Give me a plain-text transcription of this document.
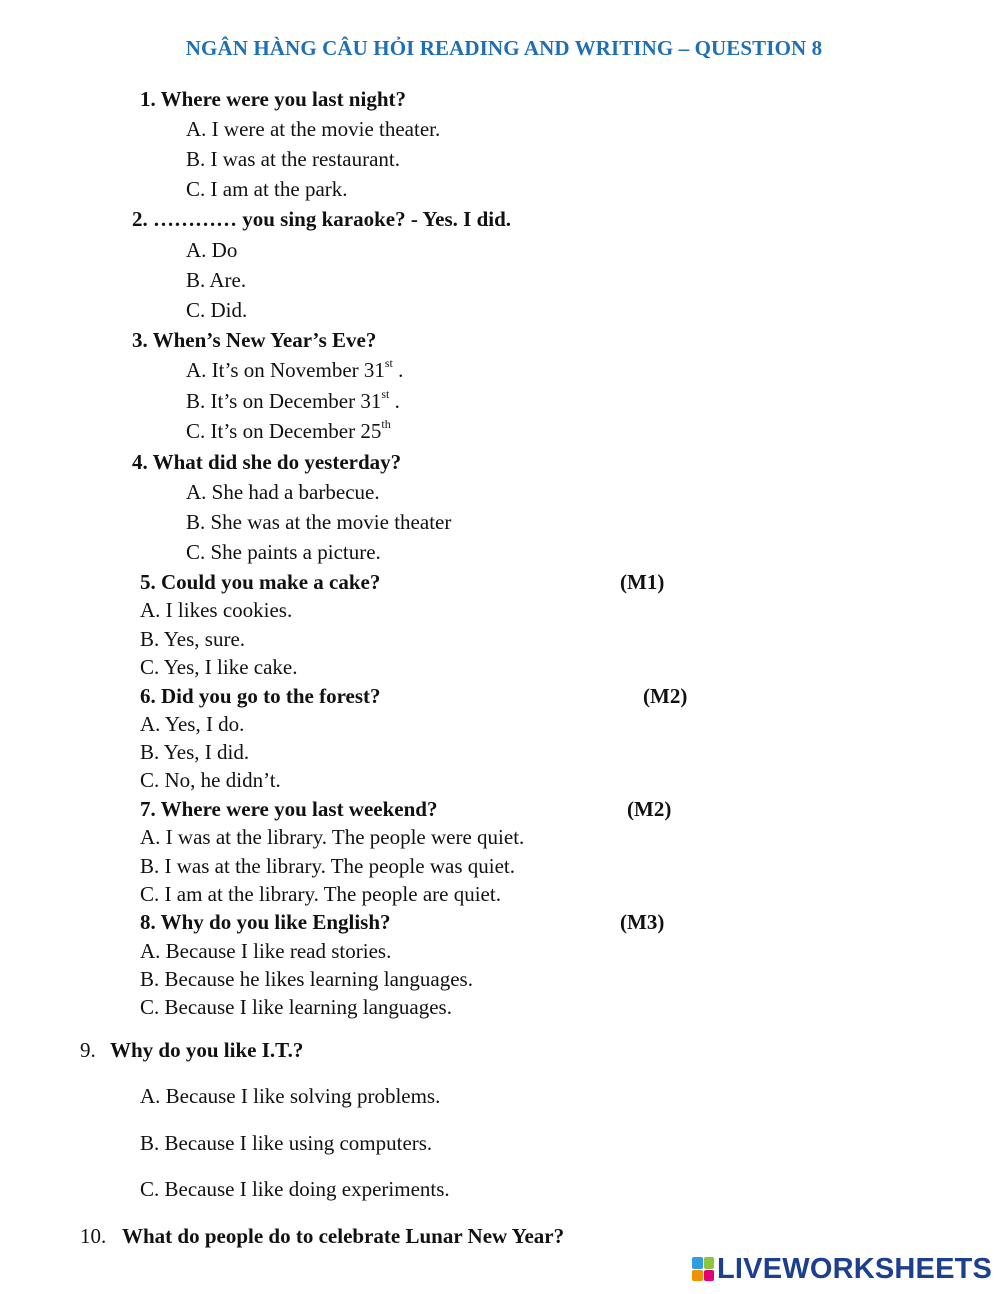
NGÂN HÀNG CÂU HỎI READING AND WRITING – QUESTION 8
1. Where were you last night?
A. I were at the movie theater.
B. I was at the restaurant.
C. I am at the park.
2. ………… you sing karaoke? - Yes. I did.
A. Do
B. Are.
C. Did.
3. When’s New Year’s Eve?
A. It’s on November 31st .
B. It’s on December 31st .
C. It’s on December 25th
4. What did she do yesterday?
A. She had a barbecue.
B. She was at the movie theater
C. She paints a picture.
5. Could you make a cake?	(M1)
A. I likes cookies.
B. Yes, sure.
C. Yes, I like cake.
6. Did you go to the forest?	(M2)
A. Yes, I do.
B. Yes, I did.
C. No, he didn’t.
7. Where were you last weekend?	(M2)
A. I was at the library. The people were quiet.
B. I was at the library. The people was quiet.
C. I am at the library. The people are quiet.
8. Why do you like English?	(M3)
A. Because I like read stories.
B. Because he likes learning languages.
C. Because I like learning languages.
9. Why do you like I.T.?
A. Because I like solving problems.
B. Because I like using computers.
C. Because I like doing experiments.
10. What do people do to celebrate Lunar New Year?
LIVEWORKSHEETS
